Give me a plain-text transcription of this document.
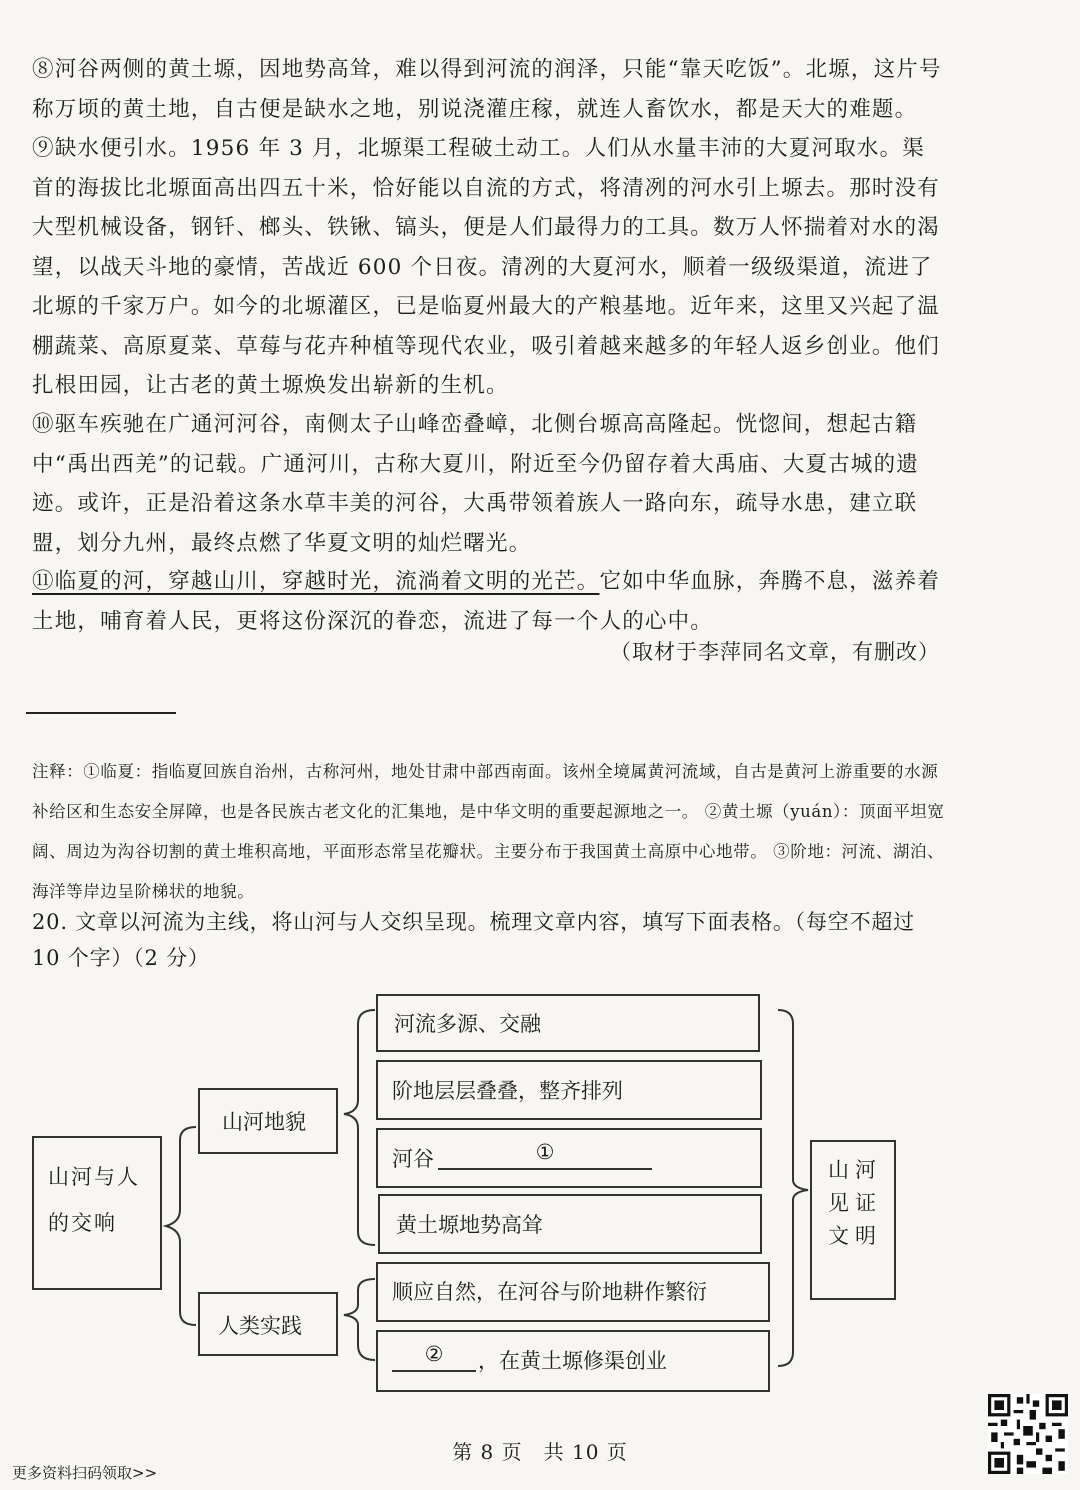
⑧河谷两侧的黄土塬，因地势高耸，难以得到河流的润泽，只能“靠天吃饭”。北塬，这片号称万顷的黄土地，自古便是缺水之地，别说浇灌庄稼，就连人畜饮水，都是天大的难题。

⑨缺水便引水。1956 年 3 月，北塬渠工程破土动工。人们从水量丰沛的大夏河取水。渠首的海拔比北塬面高出四五十米，恰好能以自流的方式，将清冽的河水引上塬去。那时没有大型机械设备，钢钎、榔头、铁锹、镐头，便是人们最得力的工具。数万人怀揣着对水的渴望，以战天斗地的豪情，苦战近 600 个日夜。清冽的大夏河水，顺着一级级渠道，流进了北塬的千家万户。如今的北塬灌区，已是临夏州最大的产粮基地。近年来，这里又兴起了温棚蔬菜、高原夏菜、草莓与花卉种植等现代农业，吸引着越来越多的年轻人返乡创业。他们扎根田园，让古老的黄土塬焕发出崭新的生机。

⑩驱车疾驰在广通河河谷，南侧太子山峰峦叠嶂，北侧台塬高高隆起。恍惚间，想起古籍中“禹出西羌”的记载。广通河川，古称大夏川，附近至今仍留存着大禹庙、大夏古城的遗迹。或许，正是沿着这条水草丰美的河谷，大禹带领着族人一路向东，疏导水患，建立联盟，划分九州，最终点燃了华夏文明的灿烂曙光。

⑪临夏的河，穿越山川，穿越时光，流淌着文明的光芒。它如中华血脉，奔腾不息，滋养着土地，哺育着人民，更将这份深沉的眷恋，流进了每一个人的心中。

（取材于李萍同名文章，有删改）

注释：①临夏：指临夏回族自治州，古称河州，地处甘肃中部西南面。该州全境属黄河流域，自古是黄河上游重要的水源补给区和生态安全屏障，也是各民族古老文化的汇集地，是中华文明的重要起源地之一。 ②黄土塬（yuán）：顶面平坦宽阔、周边为沟谷切割的黄土堆积高地，平面形态常呈花瓣状。主要分布于我国黄土高原中心地带。 ③阶地：河流、湖泊、海洋等岸边呈阶梯状的地貌。

20. 文章以河流为主线，将山河与人交织呈现。梳理文章内容，填写下面表格。（每空不超过 10 个字）（2 分）

山河与人的交响
山河地貌
人类实践
河流多源、交融
阶地层层叠叠，整齐排列
河谷	①
黄土塬地势高耸
顺应自然，在河谷与阶地耕作繁衍
②	，在黄土塬修渠创业
山河见证文明
第 8 页　共 10 页
更多资料扫码领取>>
